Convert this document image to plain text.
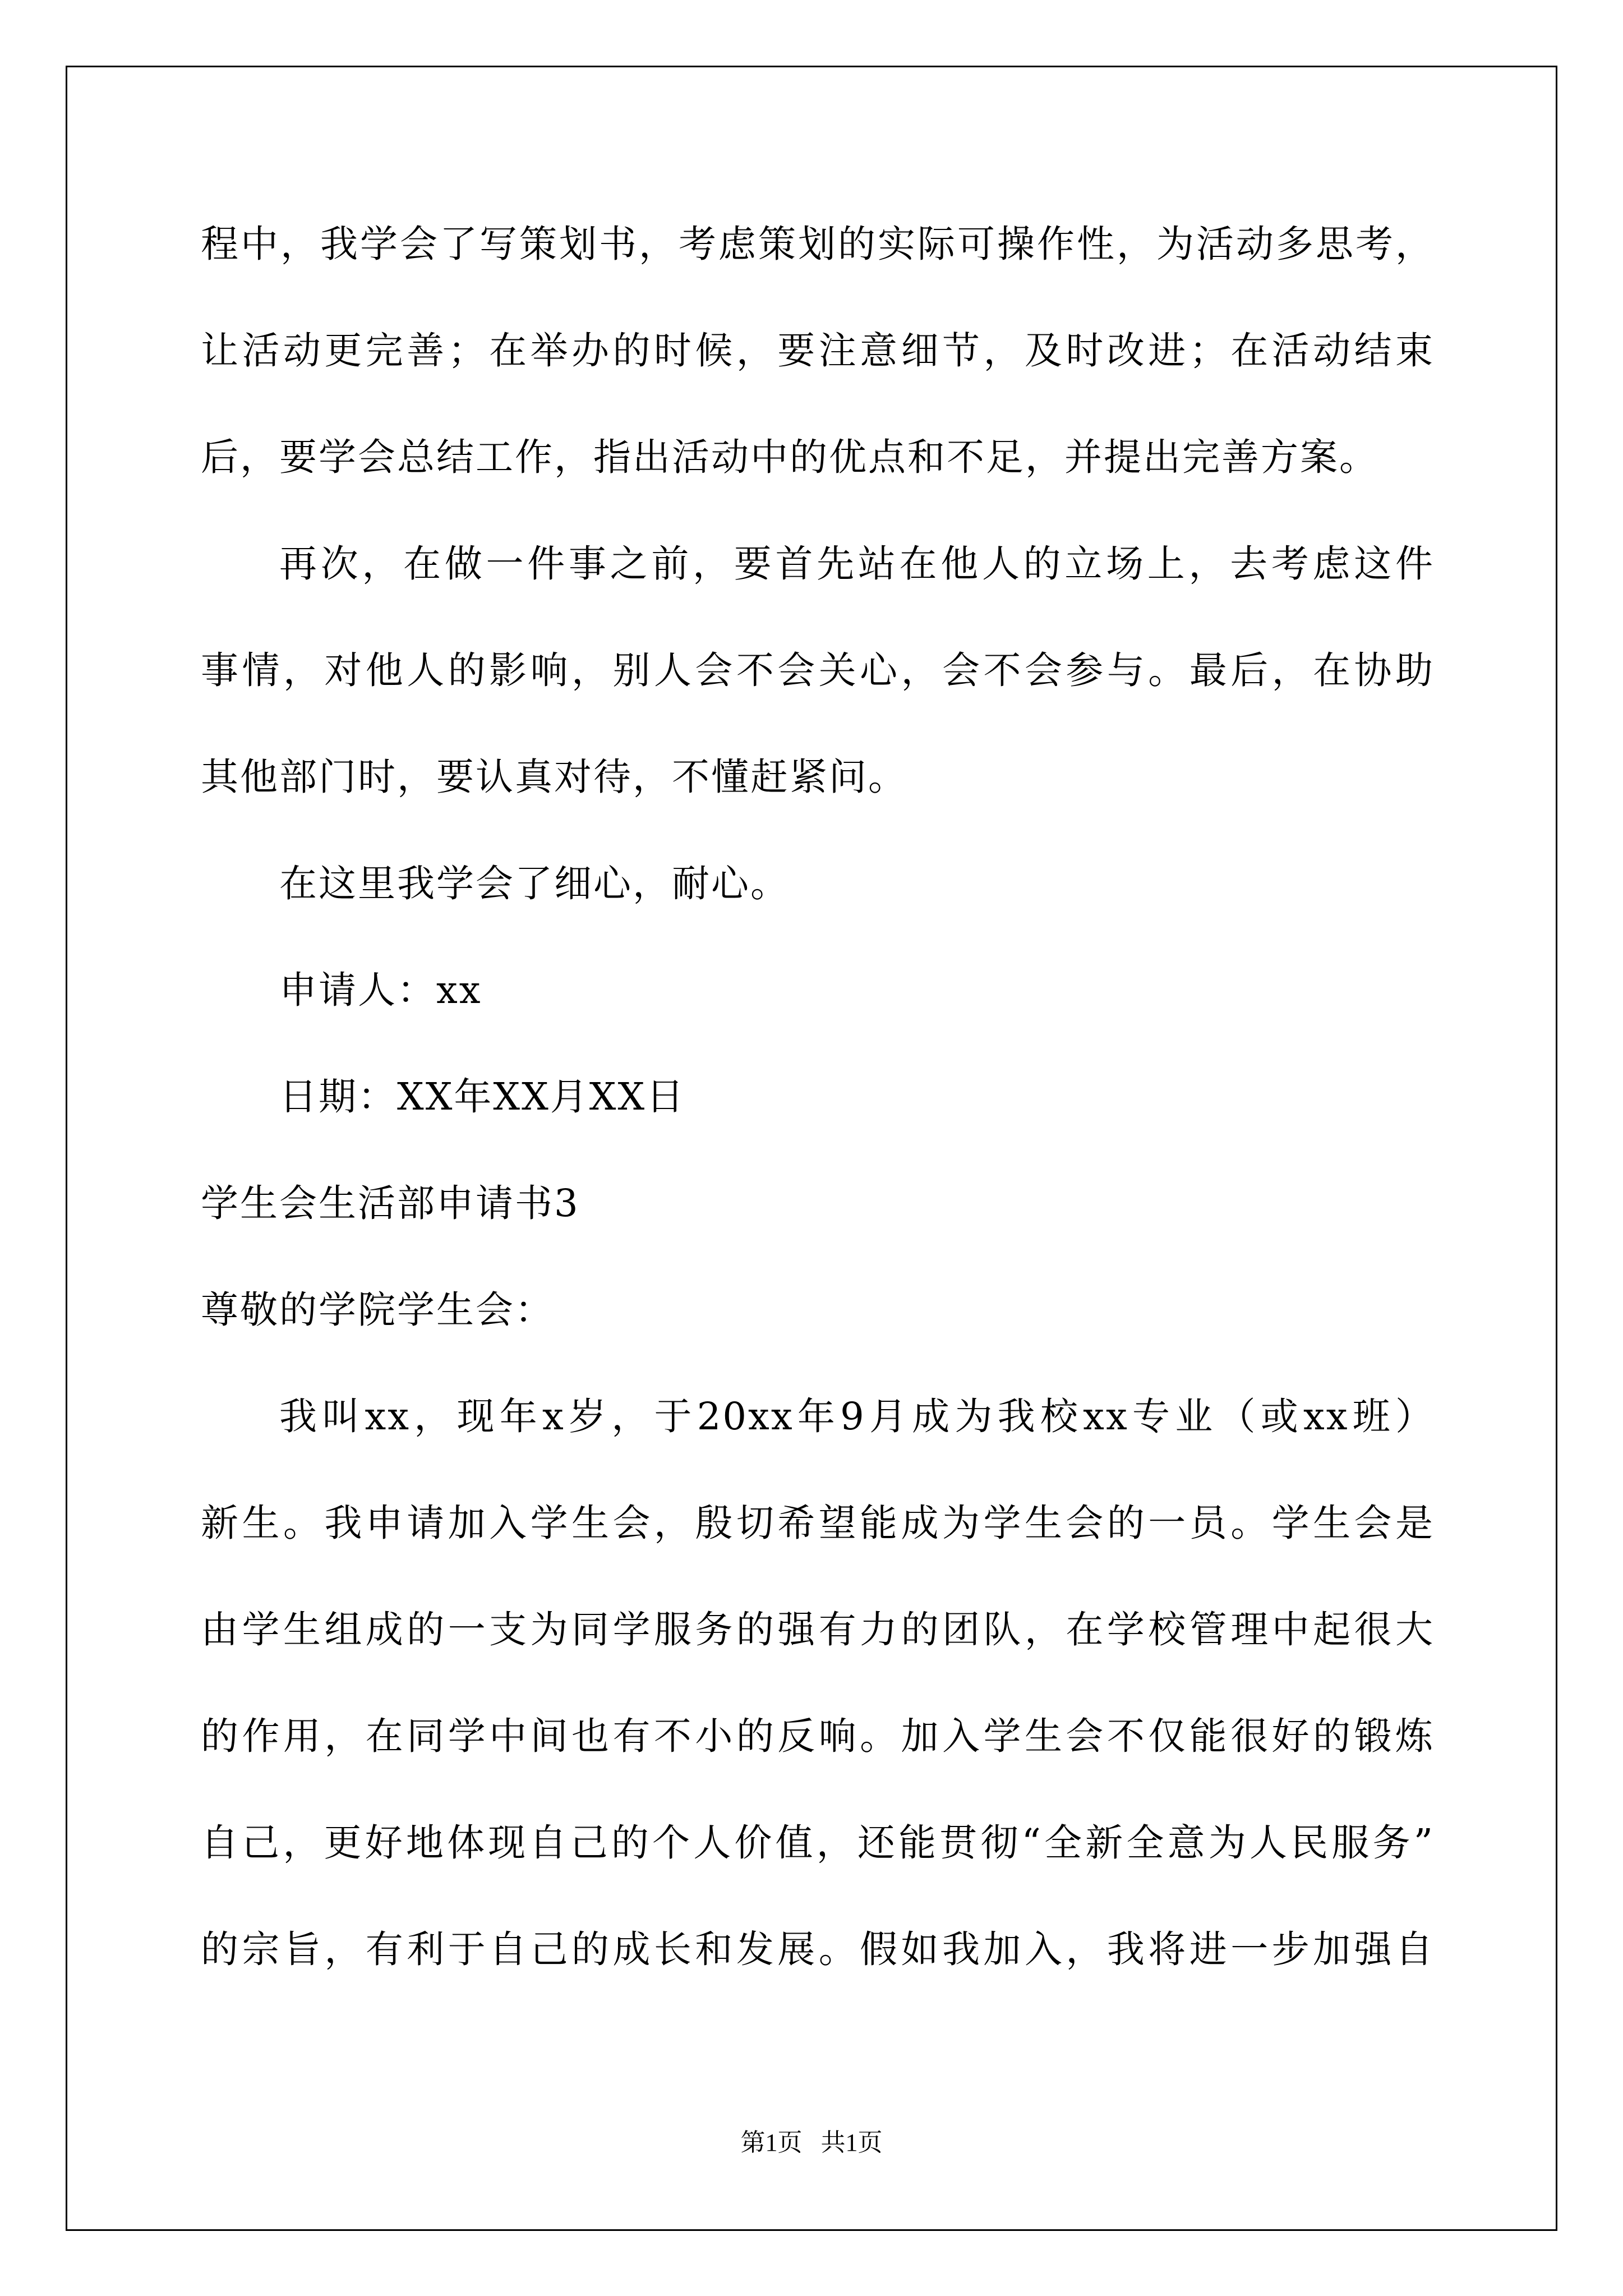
程中，我学会了写策划书，考虑策划的实际可操作性，为活动多思考，
让活动更完善；在举办的时候，要注意细节，及时改进；在活动结束
后，要学会总结工作，指出活动中的优点和不足，并提出完善方案。
再次，在做一件事之前，要首先站在他人的立场上，去考虑这件
事情，对他人的影响，别人会不会关心，会不会参与。最后，在协助
其他部门时，要认真对待，不懂赶紧问。
在这里我学会了细心，耐心。
申请人：xx
日期：XX年XX月XX日
学生会生活部申请书3
尊敬的学院学生会：
我叫xx，现年x岁，于20xx年9月成为我校xx专业（或xx班）
新生。我申请加入学生会，殷切希望能成为学生会的一员。学生会是
由学生组成的一支为同学服务的强有力的团队，在学校管理中起很大
的作用，在同学中间也有不小的反响。加入学生会不仅能很好的锻炼
自己，更好地体现自己的个人价值，还能贯彻“全新全意为人民服务”
的宗旨，有利于自己的成长和发展。假如我加入，我将进一步加强自
第1页 共1页
